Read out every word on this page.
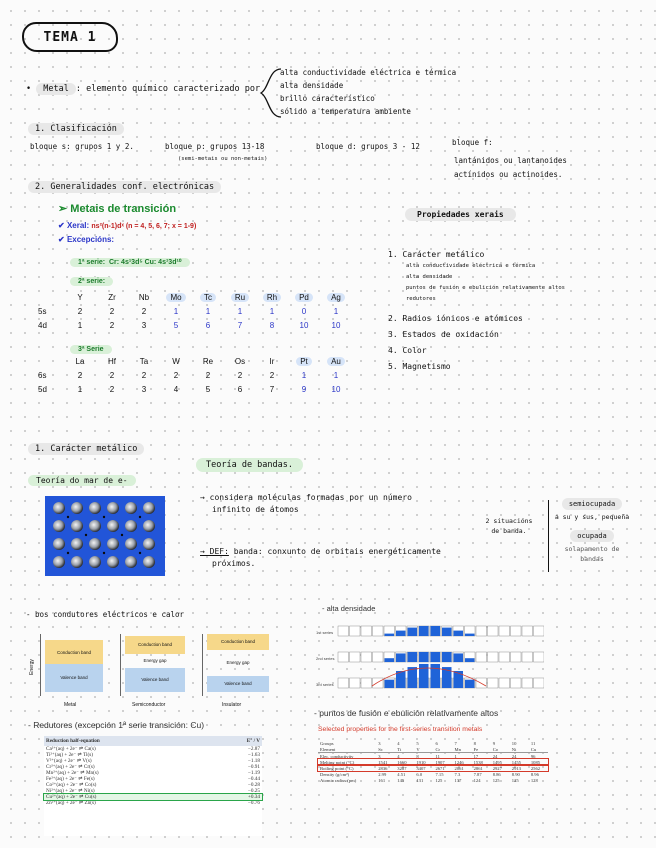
TEMA 1
• Metal : elemento químico caracterizado por
alta conductividade eléctrica e térmica
alta densidade
brillo característico
sólido a temperatura ambiente
1. Clasificación
bloque s: grupos 1 y 2.	bloque p: grupos 13-18
(semi-metais ou non-metais)
bloque d: grupos 3 - 12	bloque f:
lantánidos ou lantanoides
actínidos ou actinoides.
2. Generalidades conf. electrónicas
➢ Metais de transición
✔ Xeral: ns²(n-1)dˣ (n = 4, 5, 6, 7; x = 1-9)
✔ Excepcións:
1ª serie: Cr: 4s¹3d⁵ Cu: 4s¹3d¹⁰
2ª serie:
	Y	Zr	Nb	Mo	Tc	Ru	Rh	Pd	Ag
5s	2	2	2	1	1	1	1	0	1
4d	1	2	3	5	6	7	8	10	10
3ª Serie
	La	Hf	Ta	W	Re	Os	Ir	Pt	Au
6s	2	2	2	2	2	2	2	1	1
5d	1	2	3	4	5	6	7	9	10
Propiedades xerais
1. Carácter metálico
alta conductividade eléctrica e térmica
alta densidade
puntos de fusión e ebulición relativamente altos
redutores
2. Radios iónicos e atómicos
3. Estados de oxidación
4. Color
5. Magnetismo
1. Carácter metálico
Teoría do mar de e-
Teoría de bandas.
→ considera moléculas formadas por un número
infinito de átomos
→ DEF: banda: conxunto de orbitais energéticamente
próximos.
2 situacións de banda.
semiocupada
a su y sus, pequeña
ocupada
solapamento de bandas
- bos condutores eléctricos e calor
Energy
Conduction band
Valence band
Metal
Conduction band
Energy gap
Valence band
Semiconductor
Conduction band
Energy gap
Valence band
Insulator
- Redutores (excepción 1ª serie transición: Cu)
Reduction half-equation	E° / V
Ca²⁺(aq) + 2e⁻ ⇌ Ca(s)	−2.87
Ti²⁺(aq) + 2e⁻ ⇌ Ti(s)	−1.63
V²⁺(aq) + 2e⁻ ⇌ V(s)	−1.18
Cr²⁺(aq) + 2e⁻ ⇌ Cr(s)	−0.91
Mn²⁺(aq) + 2e⁻ ⇌ Mn(s)	−1.19
Fe²⁺(aq) + 2e⁻ ⇌ Fe(s)	−0.44
Co²⁺(aq) + 2e⁻ ⇌ Co(s)	−0.28
Ni²⁺(aq) + 2e⁻ ⇌ Ni(s)	−0.25
Cu²⁺(aq) + 2e⁻ ⇌ Cu(s)	+0.34
Zn²⁺(aq) + 2e⁻ ⇌ Zn(s)	−0.76
- alta densidade
1st series
2nd series
3rd series
- puntos de fusión e ebulición relativamente altos
Selected properties for the first-series transition metals
Groups	3	4	5	6	7	8	9	10	11
Element	Sc	Ti	V	Cr	Mn	Fe	Co	Ni	Cu
Elec. conductivity	3	4	8	11	1	17	24	24	96
Melting point (°C)	1541	1660	1910	1907	1246	1538	1495	1455	1085
Boiling point (°C)	2836	3287	3407	2671	2061	2861	2927	2913	2562
Density (g/cm³)	2.99	4.51	6.0	7.15	7.3	7.87	8.86	8.90	8.96
Atomic radius (pm)	161	145	131	125	137	124	125	125	128
